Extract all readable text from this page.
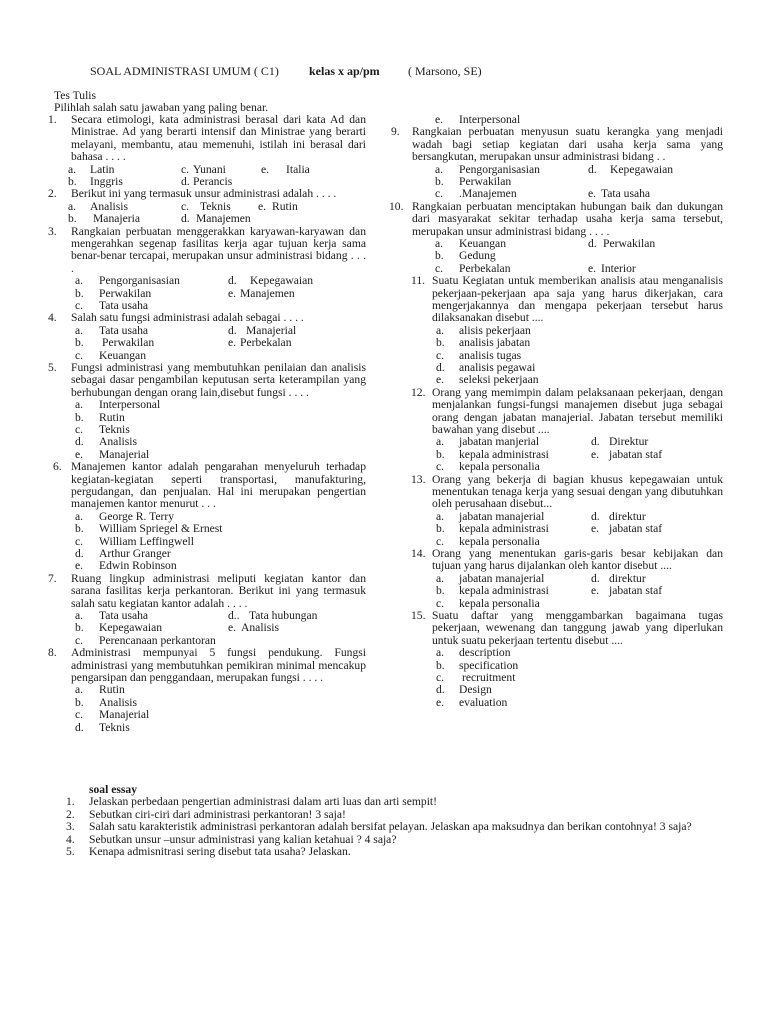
SOAL ADMINISTRASI UMUM ( C1)	kelas x ap/pm ( Marsono, SE)
Tes Tulis
Pilihlah salah satu jawaban yang paling benar.
1. Secara etimologi, kata administrasi berasal dari kata Ad dan Ministrae. Ad yang berarti intensif dan Ministrae yang berarti melayani, membantu, atau memenuhi, istilah ini berasal dari bahasa . . . .
a. Latin	c. Yunani	e. Italia
b. Inggris	d. Perancis
2. Berikut ini yang termasuk unsur administrasi adalah . . . .
a. Analisis	c. Teknis e. Rutin
b. Manajeria	d. Manajemen
3. Rangkaian perbuatan menggerakkan karyawan-karyawan dan mengerahkan segenap fasilitas kerja agar tujuan kerja sama benar-benar tercapai, merupakan unsur administrasi bidang . . . .
a. Pengorganisasian	d. Kepegawaian
b. Perwakilan	e. Manajemen
c. Tata usaha
4. Salah satu fungsi administrasi adalah sebagai . . . .
a. Tata usaha	d. Manajerial
b. Perwakilan	e. Perbekalan
c. Keuangan
5. Fungsi administrasi yang membutuhkan penilaian dan analisis sebagai dasar pengambilan keputusan serta keterampilan yang berhubungan dengan orang lain,disebut fungsi . . . .
a. Interpersonal
b. Rutin
c. Teknis
d. Analisis
e. Manajerial
6. Manajemen kantor adalah pengarahan menyeluruh terhadap kegiatan-kegiatan seperti transportasi, manufakturing, pergudangan, dan penjualan. Hal ini merupakan pengertian manajemen kantor menurut . . .
a. George R. Terry
b. William Spriegel & Ernest
c. William Leffingwell
d. Arthur Granger
e. Edwin Robinson
7. Ruang lingkup administrasi meliputi kegiatan kantor dan sarana fasilitas kerja perkantoran. Berikut ini yang termasuk salah satu kegiatan kantor adalah . . . .
a. Tata usaha	d.. Tata hubungan
b. Kepegawaian	e. Analisis
c. Perencanaan perkantoran
8. Administrasi mempunyai 5 fungsi pendukung. Fungsi administrasi yang membutuhkan pemikiran minimal mencakup pengarsipan dan penggandaan, merupakan fungsi . . . .
a. Rutin
b. Analisis
c. Manajerial
d. Teknis
e. Interpersonal
9. Rangkaian perbuatan menyusun suatu kerangka yang menjadi wadah bagi setiap kegiatan dari usaha kerja sama yang bersangkutan, merupakan unsur administrasi bidang . .
a. Pengorganisasian	d. Kepegawaian
b. Perwakilan
c. .Manajemen	e. Tata usaha
10. Rangkaian perbuatan menciptakan hubungan baik dan dukungan dari masyarakat sekitar terhadap usaha kerja sama tersebut, merupakan unsur administrasi bidang . . . .
a. Keuangan	d. Perwakilan
b. Gedung
c. Perbekalan	e. Interior
11. Suatu Kegiatan untuk memberikan analisis atau menganalisis pekerjaan-pekerjaan apa saja yang harus dikerjakan, cara mengerjakannya dan mengapa pekerjaan tersebut harus dilaksanakan disebut ....
a. alisis pekerjaan
b. analisis jabatan
c. analisis tugas
d. analisis pegawai
e. seleksi pekerjaan
12. Orang yang memimpin dalam pelaksanaan pekerjaan, dengan menjalankan fungsi-fungsi manajemen disebut juga sebagai orang dengan jabatan manajerial. Jabatan tersebut memiliki bawahan yang disebut ....
a. jabatan manjerial	d. Direktur
b. kepala administrasi	e. jabatan staf
c. kepala personalia
13. Orang yang bekerja di bagian khusus kepegawaian untuk menentukan tenaga kerja yang sesuai dengan yang dibutuhkan oleh perusahaan disebut...
a. jabatan manajerial	d. direktur
b. kepala administrasi	e. jabatan staf
c. kepala personalia
14. Orang yang menentukan garis-garis besar kebijakan dan tujuan yang harus dijalankan oleh kantor disebut ....
a. jabatan manajerial	d. direktur
b. kepala administrasi	e. jabatan staf
c. kepala personalia
15. Suatu daftar yang menggambarkan bagaimana tugas pekerjaan, wewenang dan tanggung jawab yang diperlukan untuk suatu pekerjaan tertentu disebut ....
a. description
b. specification
c. recruitment
d. Design
e. evaluation
soal essay
1. Jelaskan perbedaan pengertian administrasi dalam arti luas dan arti sempit!
2. Sebutkan ciri-ciri dari administrasi perkantoran! 3 saja!
3. Salah satu karakteristik administrasi perkantoran adalah bersifat pelayan. Jelaskan apa maksudnya dan berikan contohnya! 3 saja?
4. Sebutkan unsur –unsur administrasi yang kalian ketahuai ? 4 saja?
5. Kenapa admisnitrasi sering disebut tata usaha? Jelaskan.
